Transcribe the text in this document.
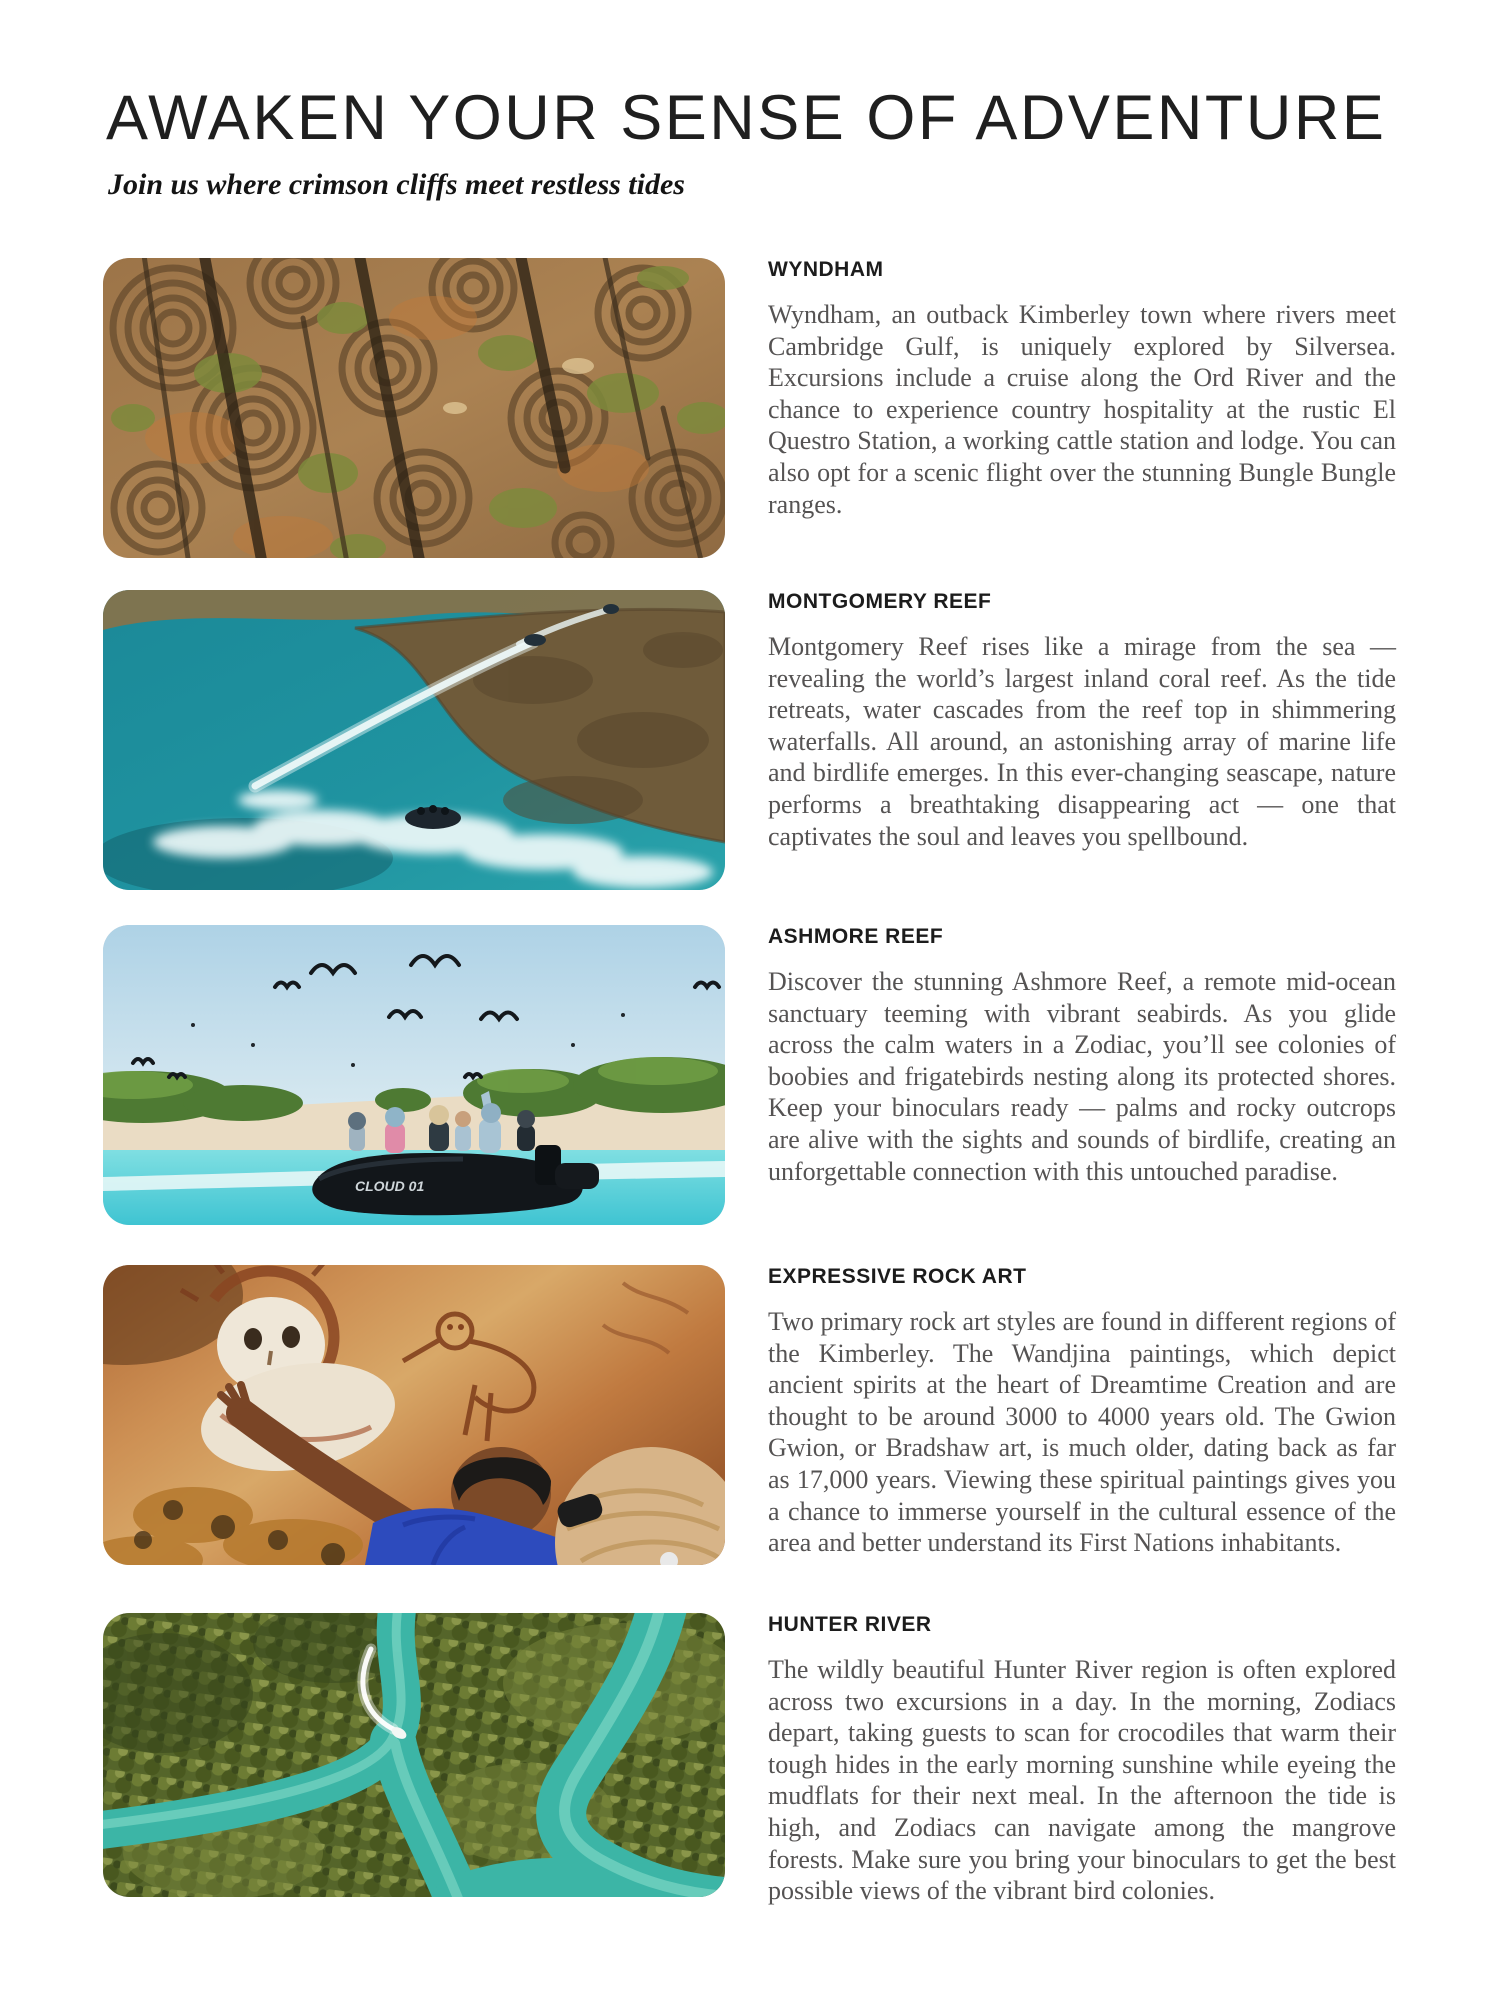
AWAKEN YOUR SENSE OF ADVENTURE
Join us where crimson cliffs meet restless tides
WYNDHAM

Wyndham, an outback Kimberley town where rivers meet Cambridge Gulf, is uniquely explored by Silversea. Excursions include a cruise along the Ord River and the chance to experience country hospitality at the rustic El Questro Station, a working cattle station and lodge. You can also opt for a scenic flight over the stunning Bungle Bungle ranges.

MONTGOMERY REEF

Montgomery Reef rises like a mirage from the sea — revealing the world’s largest inland coral reef. As the tide retreats, water cascades from the reef top in shimmering waterfalls. All around, an astonishing array of marine life and birdlife emerges. In this ever-changing seascape, nature performs a breathtaking disappearing act — one that captivates the soul and leaves you spellbound.

CLOUD 01
ASHMORE REEF

Discover the stunning Ashmore Reef, a remote mid-ocean sanctuary teeming with vibrant seabirds. As you glide across the calm waters in a Zodiac, you’ll see colonies of boobies and frigatebirds nesting along its protected shores. Keep your binoculars ready — palms and rocky outcrops are alive with the sights and sounds of birdlife, creating an unforgettable connection with this untouched paradise.

EXPRESSIVE ROCK ART

Two primary rock art styles are found in different regions of the Kimberley. The Wandjina paintings, which depict ancient spirits at the heart of Dreamtime Creation and are thought to be around 3000 to 4000 years old. The Gwion Gwion, or Bradshaw art, is much older, dating back as far as 17,000 years. Viewing these spiritual paintings gives you a chance to immerse yourself in the cultural essence of the area and better understand its First Nations inhabitants.

HUNTER RIVER

The wildly beautiful Hunter River region is often explored across two excursions in a day. In the morning, Zodiacs depart, taking guests to scan for crocodiles that warm their tough hides in the early morning sunshine while eyeing the mudflats for their next meal. In the afternoon the tide is high, and Zodiacs can navigate among the mangrove forests. Make sure you bring your binoculars to get the best possible views of the vibrant bird colonies.
